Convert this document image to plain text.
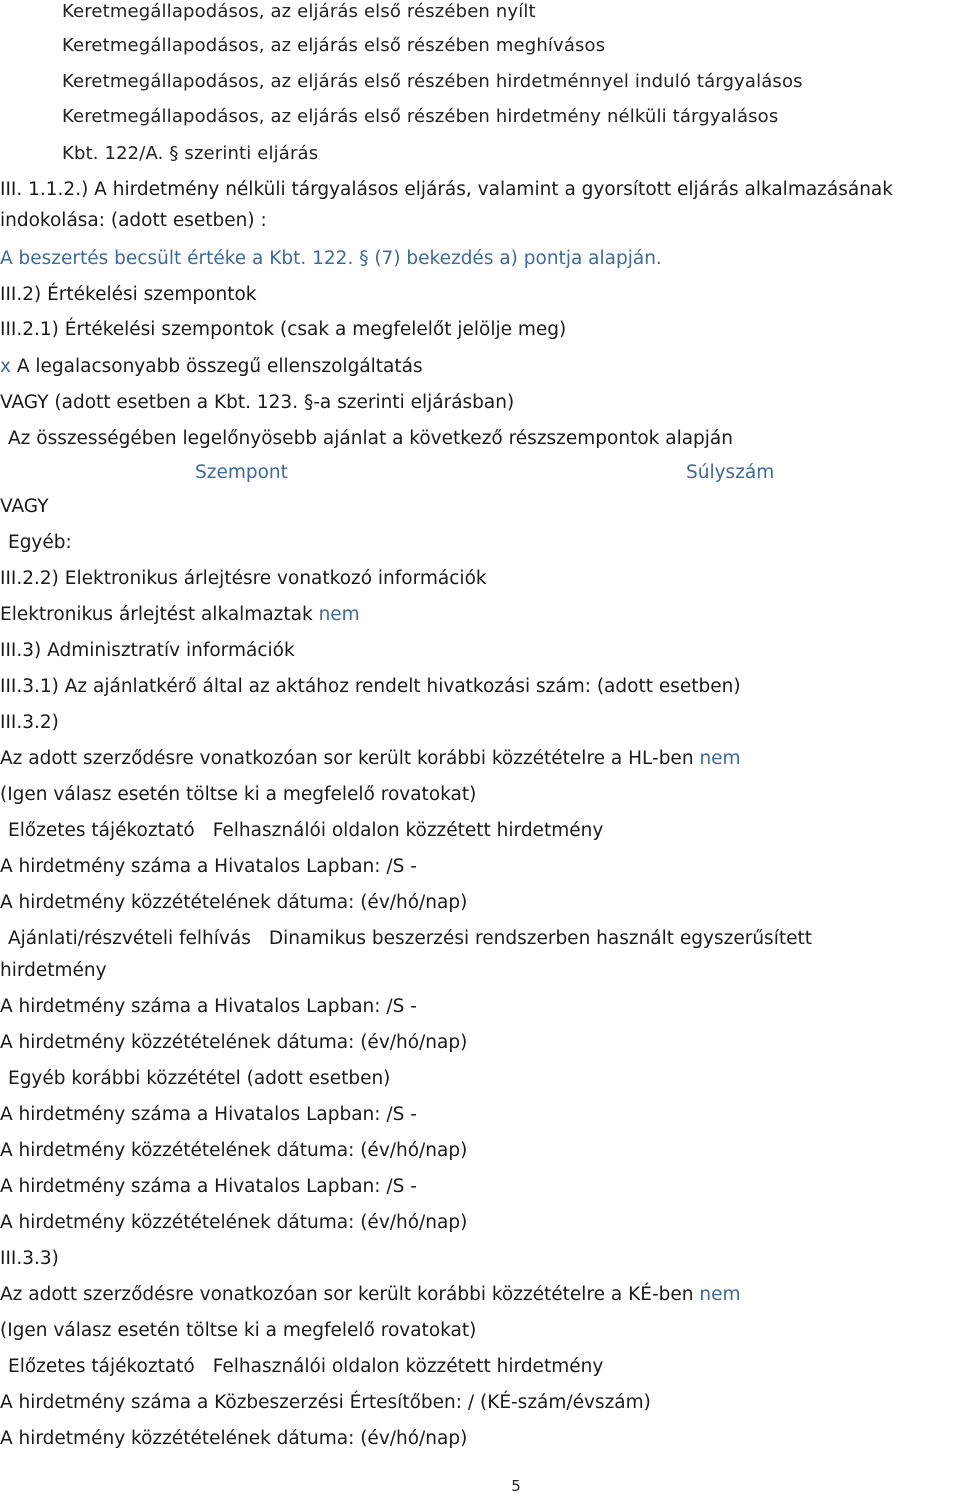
Keretmegállapodásos, az eljárás első részében nyílt
Keretmegállapodásos, az eljárás első részében meghívásos
Keretmegállapodásos, az eljárás első részében hirdetménnyel induló tárgyalásos
Keretmegállapodásos, az eljárás első részében hirdetmény nélküli tárgyalásos
Kbt. 122/A. § szerinti eljárás
III. 1.1.2.) A hirdetmény nélküli tárgyalásos eljárás, valamint a gyorsított eljárás alkalmazásának
indokolása: (adott esetben) :
A beszertés becsült értéke a Kbt. 122. § (7) bekezdés a) pontja alapján.
III.2) Értékelési szempontok
III.2.1) Értékelési szempontok (csak a megfelelőt jelölje meg)
x A legalacsonyabb összegű ellenszolgáltatás
VAGY (adott esetben a Kbt. 123. §-a szerinti eljárásban)
Az összességében legelőnyösebb ajánlat a következő részszempontok alapján
Szempont	Súlyszám
VAGY
Egyéb:
III.2.2) Elektronikus árlejtésre vonatkozó információk
Elektronikus árlejtést alkalmaztak nem
III.3) Adminisztratív információk
III.3.1) Az ajánlatkérő által az aktához rendelt hivatkozási szám: (adott esetben)
III.3.2)
Az adott szerződésre vonatkozóan sor került korábbi közzétételre a HL-ben nem
(Igen válasz esetén töltse ki a megfelelő rovatokat)
Előzetes tájékoztató Felhasználói oldalon közzétett hirdetmény
A hirdetmény száma a Hivatalos Lapban: /S -
A hirdetmény közzétételének dátuma: (év/hó/nap)
Ajánlati/részvételi felhívás Dinamikus beszerzési rendszerben használt egyszerűsített
hirdetmény
A hirdetmény száma a Hivatalos Lapban: /S -
A hirdetmény közzétételének dátuma: (év/hó/nap)
Egyéb korábbi közzététel (adott esetben)
A hirdetmény száma a Hivatalos Lapban: /S -
A hirdetmény közzétételének dátuma: (év/hó/nap)
A hirdetmény száma a Hivatalos Lapban: /S -
A hirdetmény közzétételének dátuma: (év/hó/nap)
III.3.3)
Az adott szerződésre vonatkozóan sor került korábbi közzétételre a KÉ-ben nem
(Igen válasz esetén töltse ki a megfelelő rovatokat)
Előzetes tájékoztató Felhasználói oldalon közzétett hirdetmény
A hirdetmény száma a Közbeszerzési Értesítőben: / (KÉ-szám/évszám)
A hirdetmény közzétételének dátuma: (év/hó/nap)
5
